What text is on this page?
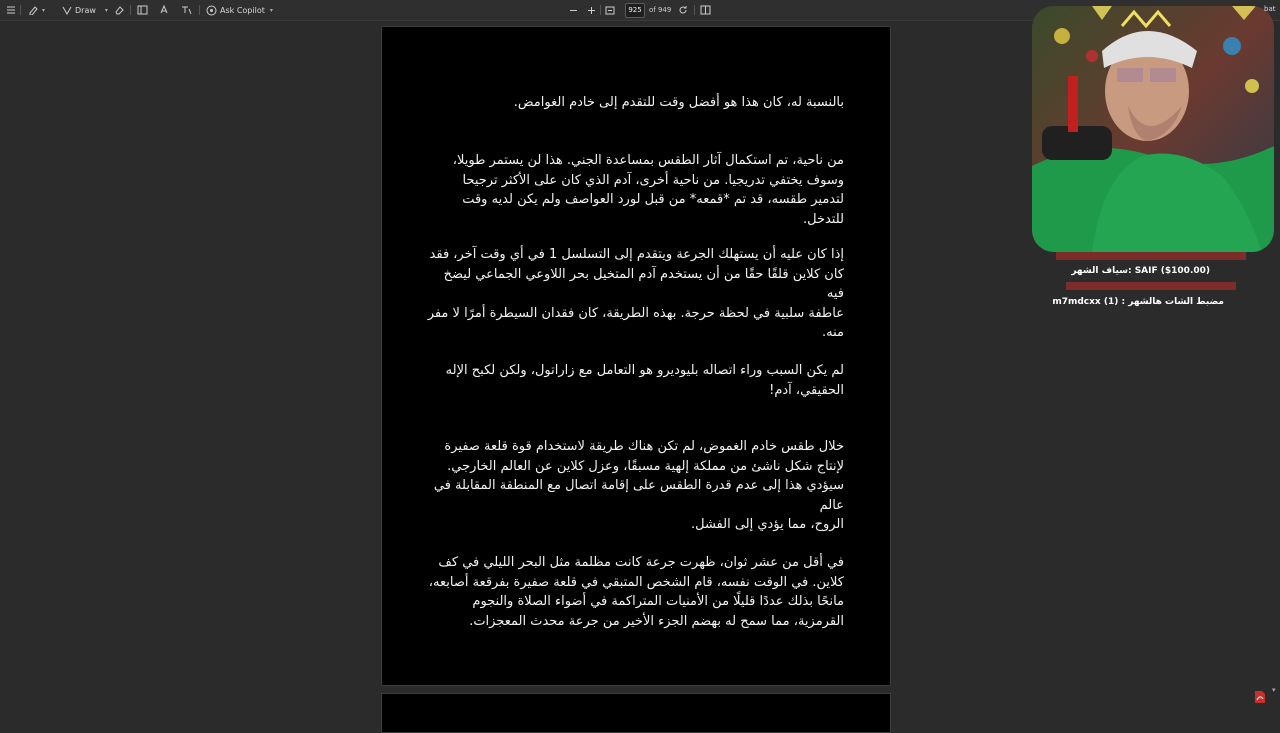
▾	Draw ▾	Ask Copilot ▾	925	of 949
بالنسبة له، كان هذا هو أفضل وقت للتقدم إلى خادم الغوامض.
من ناحية، تم استكمال آثار الطقس بمساعدة الجني. هذا لن يستمر طويلا،
وسوف يختفي تدريجيا. من ناحية أخرى، آدم الذي كان على الأكثر ترجيحا
لتدمير طقسه، قد تم *قمعه* من قبل لورد العواصف ولم يكن لديه وقت للتدخل.
إذا كان عليه أن يستهلك الجرعة ويتقدم إلى التسلسل 1 في أي وقت آخر، فقد
كان كلاين قلقًا حقًا من أن يستخدم آدم المتخيل بحر اللاوعي الجماعي ليضخ فيه
عاطفة سلبية في لحظة حرجة. بهذه الطريقة، كان فقدان السيطرة أمرًا لا مفر
منه.
لم يكن السبب وراء اتصاله بليوديرو هو التعامل مع زاراتول، ولكن لكبح الإله
الحقيقي، آدم!
خلال طقس خادم الغموض، لم تكن هناك طريقة لاستخدام قوة قلعة صفيرة
لإنتاج شكل ناشئ من مملكة إلهية مسبقًا، وعزل كلاين عن العالم الخارجي.
سيؤدي هذا إلى عدم قدرة الطقس على إقامة اتصال مع المنطقة المقابلة في عالم
الروح، مما يؤدي إلى الفشل.
في أقل من عشر ثوان، ظهرت جرعة كانت مظلمة مثل البحر الليلي في كف
كلاين. في الوقت نفسه، قام الشخص المتبقي في قلعة صفيرة بفرقعة أصابعه،
مانحًا بذلك عددًا قليلًا من الأمنيات المتراكمة في أضواء الصلاة والنجوم
القرمزية، مما سمح له بهضم الجزء الأخير من جرعة محدث المعجزات.
▾
bat
SAIF ($100.00) :سياف الشهر
مضبط الشات هالشهر : (1) m7mdcxx
